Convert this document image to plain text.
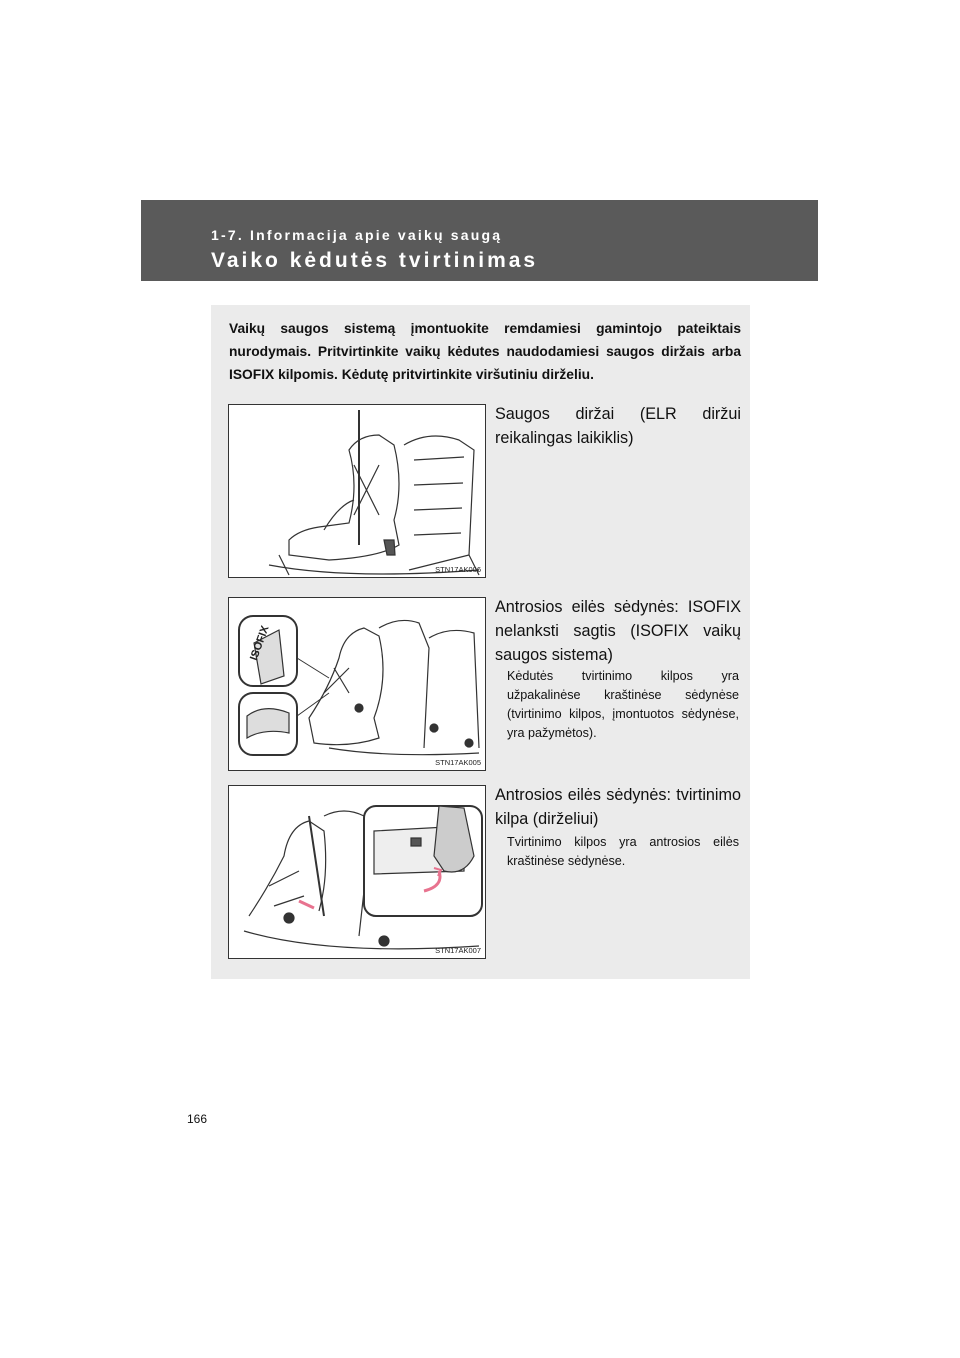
1-7. Informacija apie vaikų saugą
Vaiko kėdutės tvirtinimas
Vaikų saugos sistemą įmontuokite remdamiesi gamintojo pateiktais nurodymais. Pritvirtinkite vaikų kėdutes naudodamiesi saugos diržais arba ISOFIX kilpomis. Kėdutę pritvirtinkite viršutiniu dirželiu.
STN17AK006
Saugos diržai (ELR diržui reikalingas laikiklis)
STN17AK005
ISOFIX
Antrosios eilės sėdynės: ISOFIX nelanksti sagtis (ISOFIX vaikų saugos sistema)
Kėdutės tvirtinimo kilpos yra užpakalinėse kraštinėse sėdynėse (tvirtinimo kilpos, įmontuotos sėdynėse, yra pažymėtos).
STN17AK007
Antrosios eilės sėdynės: tvirtinimo kilpa (dirželiui)
Tvirtinimo kilpos yra antrosios eilės kraštinėse sėdynėse.
166
